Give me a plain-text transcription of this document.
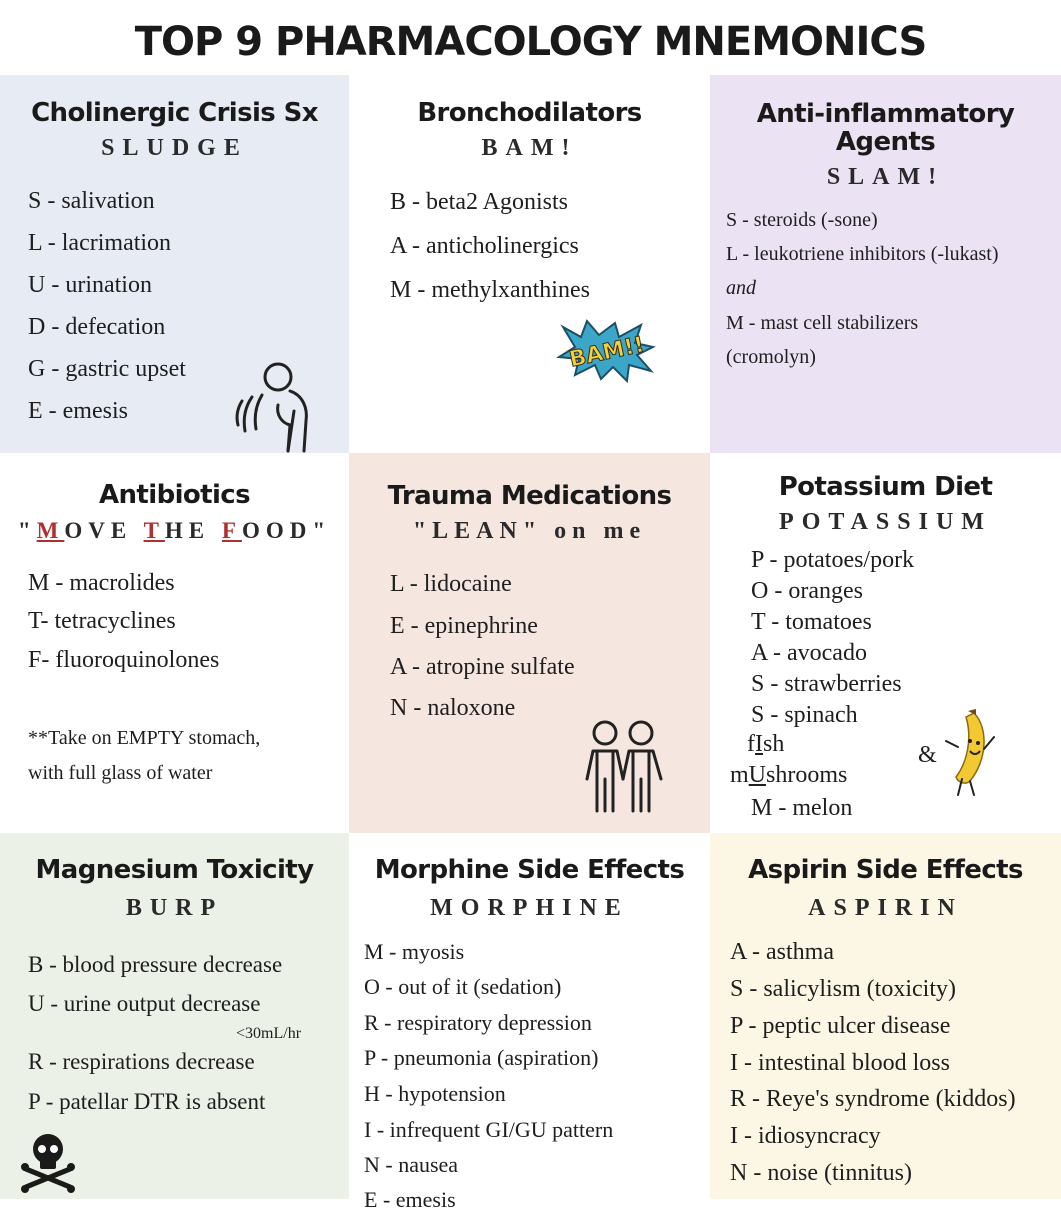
TOP 9 PHARMACOLOGY MNEMONICS
Cholinergic Crisis Sx
SLUDGE
S - salivation
L - lacrimation
U - urination
D - defecation
G - gastric upset
E - emesis
Bronchodilators
BAM!
B - beta2 Agonists
A - anticholinergics
M - methylxanthines
BAM!!
Anti-inflammatory
Agents
SLAM!
S - steroids (-sone)
L - leukotriene inhibitors (-lukast)
and
M - mast cell stabilizers
(cromolyn)
Antibiotics
"MOVE THE FOOD"
M - macrolides
T- tetracyclines
F- fluoroquinolones
**Take on EMPTY stomach,
with full glass of water
Trauma Medications
"LEAN" on me
L - lidocaine
E - epinephrine
A - atropine sulfate
N - naloxone
Potassium Diet
POTASSIUM
P - potatoes/pork
O - oranges
T - tomatoes
A - avocado
S - strawberries
S - spinach
fIsh
mUshrooms
M - melon
&
Magnesium Toxicity
BURP
B - blood pressure decrease
U - urine output decrease
<30mL/hr
R - respirations decrease
P - patellar DTR is absent
Morphine Side Effects
MORPHINE
M - myosis
O - out of it (sedation)
R - respiratory depression
P - pneumonia (aspiration)
H - hypotension
I - infrequent GI/GU pattern
N - nausea
E - emesis
Aspirin Side Effects
ASPIRIN
A - asthma
S - salicylism (toxicity)
P - peptic ulcer disease
I - intestinal blood loss
R - Reye's syndrome (kiddos)
I - idiosyncracy
N - noise (tinnitus)
